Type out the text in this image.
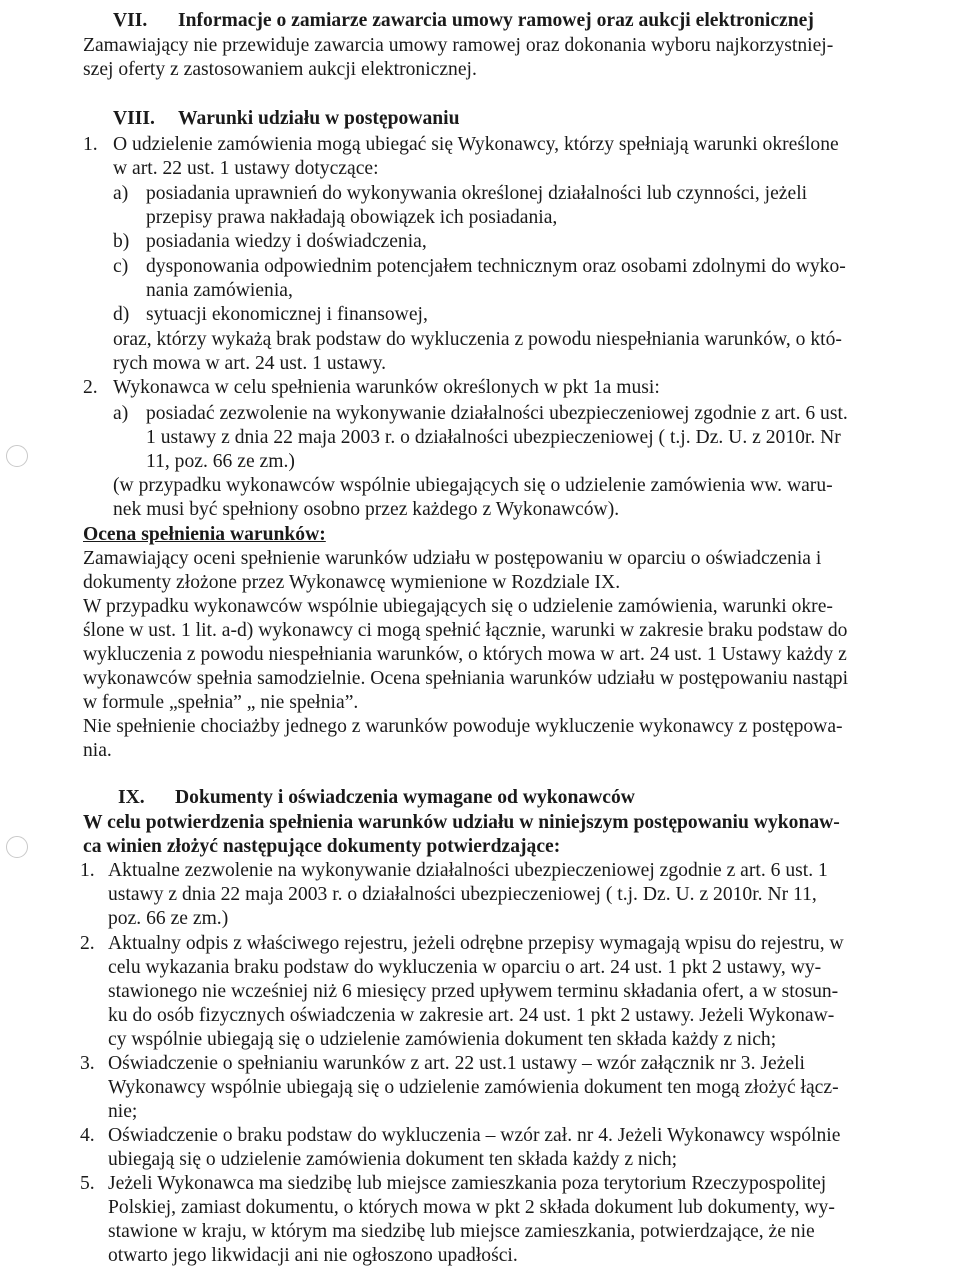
VII. Informacje o zamiarze zawarcia umowy ramowej oraz aukcji elektronicznej
Zamawiający nie przewiduje zawarcia umowy ramowej oraz dokonania wyboru najkorzystniej-
szej oferty z zastosowaniem aukcji elektronicznej.
VIII. Warunki udziału w postępowaniu
1. O udzielenie zamówienia mogą ubiegać się Wykonawcy, którzy spełniają warunki określone
w art. 22 ust. 1 ustawy dotyczące:
a) posiadania uprawnień do wykonywania określonej działalności lub czynności, jeżeli
przepisy prawa nakładają obowiązek ich posiadania,
b) posiadania wiedzy i doświadczenia,
c) dysponowania odpowiednim potencjałem technicznym oraz osobami zdolnymi do wyko-
nania zamówienia,
d) sytuacji ekonomicznej i finansowej,
oraz, którzy wykażą brak podstaw do wykluczenia z powodu niespełniania warunków, o któ-
rych mowa w art. 24 ust. 1 ustawy.
2. Wykonawca w celu spełnienia warunków określonych w pkt 1a musi:
a) posiadać zezwolenie na wykonywanie działalności ubezpieczeniowej zgodnie z art. 6 ust.
1 ustawy z dnia 22 maja 2003 r. o działalności ubezpieczeniowej ( t.j. Dz. U. z 2010r. Nr
11, poz. 66 ze zm.)
(w przypadku wykonawców wspólnie ubiegających się o udzielenie zamówienia ww. waru-
nek musi być spełniony osobno przez każdego z Wykonawców).
Ocena spełnienia warunków:
Zamawiający oceni spełnienie warunków udziału w postępowaniu w oparciu o oświadczenia i
dokumenty złożone przez Wykonawcę wymienione w Rozdziale IX.
W przypadku wykonawców wspólnie ubiegających się o udzielenie zamówienia, warunki okre-
ślone w ust. 1 lit. a-d) wykonawcy ci mogą spełnić łącznie, warunki w zakresie braku podstaw do
wykluczenia z powodu niespełniania warunków, o których mowa w art. 24 ust. 1 Ustawy każdy z
wykonawców spełnia samodzielnie. Ocena spełniania warunków udziału w postępowaniu nastąpi
w formule „spełnia” „ nie spełnia”.
Nie spełnienie chociażby jednego z warunków powoduje wykluczenie wykonawcy z postępowa-
nia.
IX. Dokumenty i oświadczenia wymagane od wykonawców
W celu potwierdzenia spełnienia warunków udziału w niniejszym postępowaniu wykonaw-
ca winien złożyć następujące dokumenty potwierdzające:
1. Aktualne zezwolenie na wykonywanie działalności ubezpieczeniowej zgodnie z art. 6 ust. 1
ustawy z dnia 22 maja 2003 r. o działalności ubezpieczeniowej ( t.j. Dz. U. z 2010r. Nr 11,
poz. 66 ze zm.)
2. Aktualny odpis z właściwego rejestru, jeżeli odrębne przepisy wymagają wpisu do rejestru, w
celu wykazania braku podstaw do wykluczenia w oparciu o art. 24 ust. 1 pkt 2 ustawy, wy-
stawionego nie wcześniej niż 6 miesięcy przed upływem terminu składania ofert, a w stosun-
ku do osób fizycznych oświadczenia w zakresie art. 24 ust. 1 pkt 2 ustawy. Jeżeli Wykonaw-
cy wspólnie ubiegają się o udzielenie zamówienia dokument ten składa każdy z nich;
3. Oświadczenie o spełnianiu warunków z art. 22 ust.1 ustawy – wzór załącznik nr 3. Jeżeli
Wykonawcy wspólnie ubiegają się o udzielenie zamówienia dokument ten mogą złożyć łącz-
nie;
4. Oświadczenie o braku podstaw do wykluczenia – wzór zał. nr 4. Jeżeli Wykonawcy wspólnie
ubiegają się o udzielenie zamówienia dokument ten składa każdy z nich;
5. Jeżeli Wykonawca ma siedzibę lub miejsce zamieszkania poza terytorium Rzeczypospolitej
Polskiej, zamiast dokumentu, o których mowa w pkt 2 składa dokument lub dokumenty, wy-
stawione w kraju, w którym ma siedzibę lub miejsce zamieszkania, potwierdzające, że nie
otwarto jego likwidacji ani nie ogłoszono upadłości.
